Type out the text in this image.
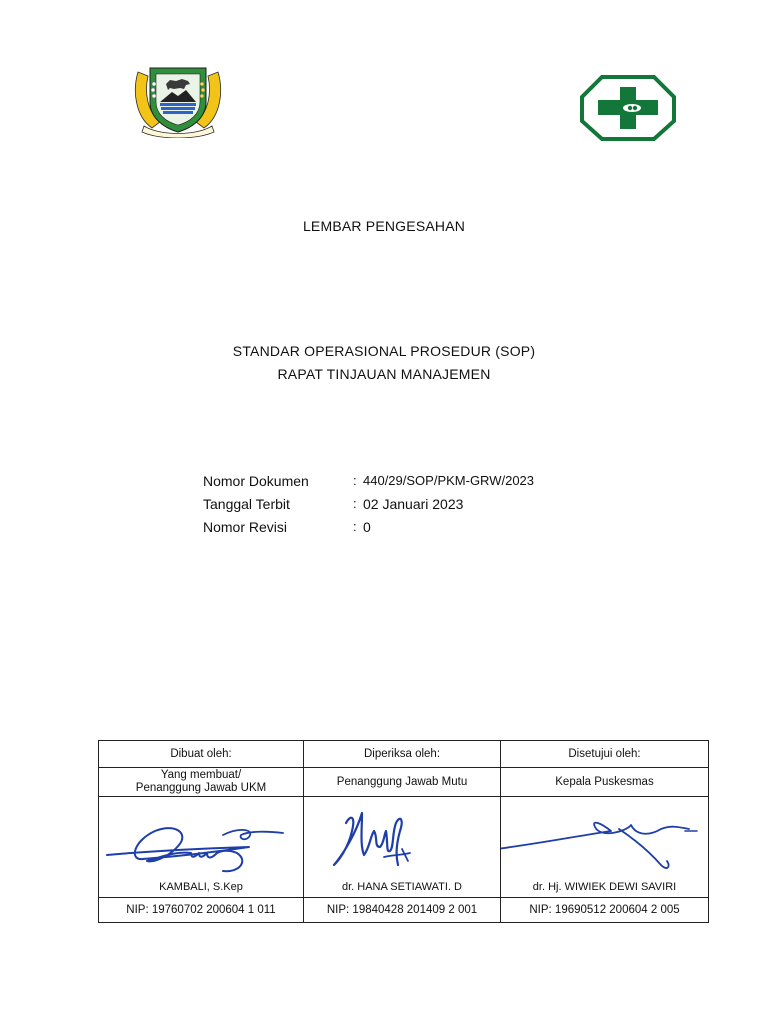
LEMBAR PENGESAHAN
STANDAR OPERASIONAL PROSEDUR (SOP)
RAPAT TINJAUAN MANAJEMEN
Nomor Dokumen	: 440/29/SOP/PKM-GRW/2023
Tanggal Terbit	: 02 Januari 2023
Nomor Revisi	: 0
Dibuat oleh:	Diperiksa oleh:	Disetujui oleh:

Yang membuat/
Penanggung Jawab UKM	Penanggung Jawab Mutu	Kepala Puskesmas

KAMBALI, S.Kep	dr. HANA SETIAWATI. D	dr. Hj. WIWIEK DEWI SAVIRI

NIP: 19760702 200604 1 011	NIP: 19840428 201409 2 001	NIP: 19690512 200604 2 005
